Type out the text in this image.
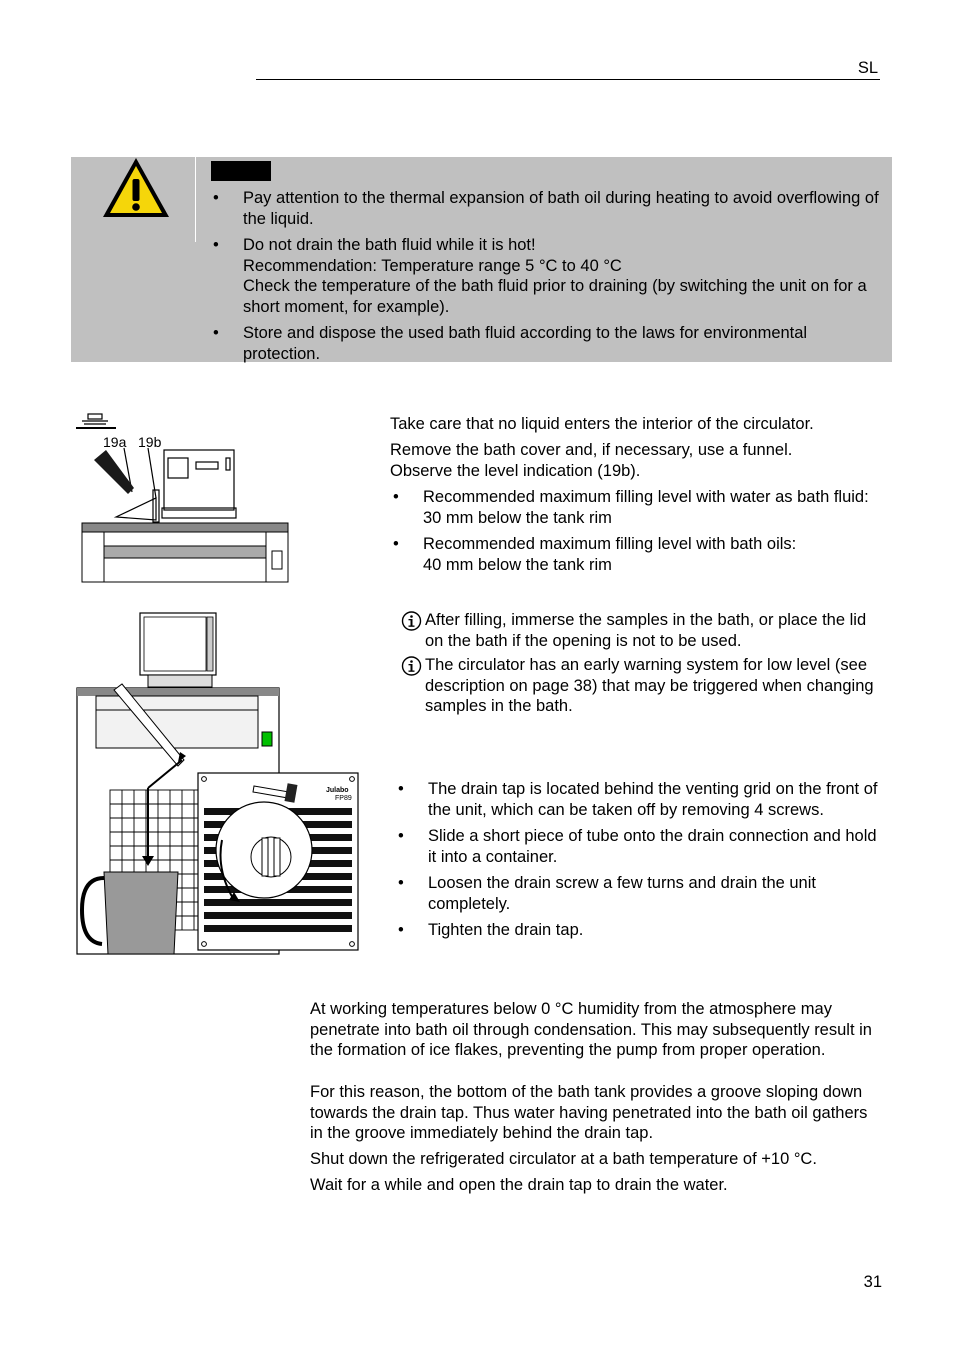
SL
• Pay attention to the thermal expansion of bath oil during heating to avoid overflowing of the liquid.
• Do not drain the bath fluid while it is hot!
Recommendation: Temperature range 5 °C to 40 °C
Check the temperature of the bath fluid prior to draining (by switching the unit on for a short moment, for example).
• Store and dispose the used bath fluid according to the laws for environmental protection.
19a 19b

Take care that no liquid enters the interior of the circulator.

Remove the bath cover and, if necessary, use a funnel. Observe the level indication (19b).

• Recommended maximum filling level with water as bath fluid: 30 mm below the tank rim
• Recommended maximum filling level with bath oils:
40 mm below the tank rim
After filling, immerse the samples in the bath, or place the lid on the bath if the opening is not to be used.
The circulator has an early warning system for low level (see description on page 38) that may be triggered when changing samples in the bath.
Julabo
FP89
• The drain tap is located behind the venting grid on the front of the unit, which can be taken off by removing 4 screws.
• Slide a short piece of tube onto the drain connection and hold it into a container.
• Loosen the drain screw a few turns and drain the unit completely.
• Tighten the drain tap.

At working temperatures below 0 °C humidity from the atmosphere may penetrate into bath oil through condensation. This may subsequently result in the formation of ice flakes, preventing the pump from proper operation.

For this reason, the bottom of the bath tank provides a groove sloping down towards the drain tap. Thus water having penetrated into the bath oil gathers in the groove immediately behind the drain tap.

Shut down the refrigerated circulator at a bath temperature of +10 °C.

Wait for a while and open the drain tap to drain the water.

31
